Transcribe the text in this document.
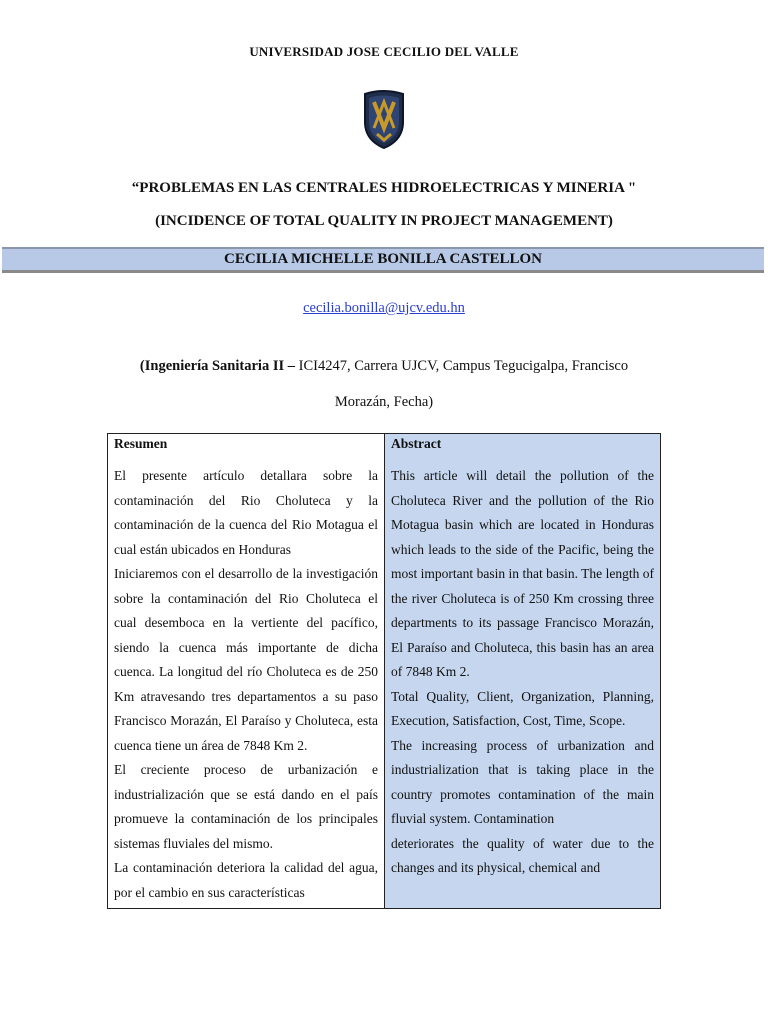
UNIVERSIDAD JOSE CECILIO DEL VALLE
“PROBLEMAS EN LAS CENTRALES HIDROELECTRICAS Y MINERIA "
(INCIDENCE OF TOTAL QUALITY IN PROJECT MANAGEMENT)
CECILIA MICHELLE BONILLA CASTELLON
cecilia.bonilla@ujcv.edu.hn
(Ingeniería Sanitaria II – ICI4247, Carrera UJCV, Campus Tegucigalpa, Francisco Morazán, Fecha)
Resumen

El presente artículo detallara sobre la contaminación del Rio Choluteca y la contaminación de la cuenca del Rio Motagua el cual están ubicados en Honduras

Iniciaremos con el desarrollo de la investigación sobre la contaminación del Rio Choluteca el cual desemboca en la vertiente del pacífico, siendo la cuenca más importante de dicha cuenca. La longitud del río Choluteca es de 250 Km atravesando tres departamentos a su paso Francisco Morazán, El Paraíso y Choluteca, esta cuenca tiene un área de 7848 Km 2.

El creciente proceso de urbanización e industrialización que se está dando en el país promueve la contaminación de los principales sistemas fluviales del mismo.

La contaminación deteriora la calidad del agua, por el cambio en sus características

Abstract

This article will detail the pollution of the Choluteca River and the pollution of the Rio Motagua basin which are located in Honduras which leads to the side of the Pacific, being the most important basin in that basin. The length of the river Choluteca is of 250 Km crossing three departments to its passage Francisco Morazán, El Paraíso and Choluteca, this basin has an area of 7848 Km 2.

Total Quality, Client, Organization, Planning, Execution, Satisfaction, Cost, Time, Scope.

The increasing process of urbanization and industrialization that is taking place in the country promotes contamination of the main fluvial system. Contamination

deteriorates the quality of water due to the changes and its physical, chemical and
